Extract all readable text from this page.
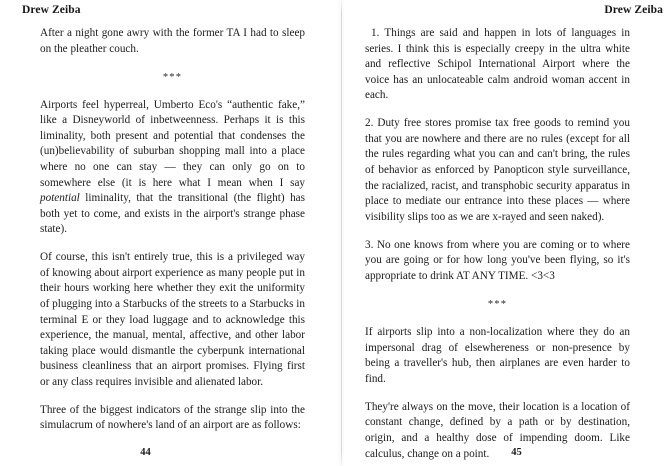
Drew Zeiba

After a night gone awry with the former TA I had to sleep on the pleather couch.

***

Airports feel hyperreal, Umberto Eco's “authentic fake,” like a Disneyworld of inbetweenness. Perhaps it is this liminality, both present and potential that condenses the (un)believability of suburban shopping mall into a place where no one can stay — they can only go on to somewhere else (it is here what I mean when I say potential liminality, that the transitional (the flight) has both yet to come, and exists in the airport's strange phase state).

Of course, this isn't entirely true, this is a privileged way of knowing about airport experience as many people put in their hours working here whether they exit the uniformity of plugging into a Starbucks of the streets to a Starbucks in terminal E or they load luggage and to acknowledge this experience, the manual, mental, affective, and other labor taking place would dismantle the cyberpunk international business cleanliness that an airport promises. Flying first or any class requires invisible and alienated labor.

Three of the biggest indicators of the strange slip into the simulacrum of nowhere's land of an airport are as follows:

44
Drew Zeiba

1. Things are said and happen in lots of languages in series. I think this is especially creepy in the ultra white and reflective Schipol International Airport where the voice has an unlocateable calm android woman accent in each.

2. Duty free stores promise tax free goods to remind you that you are nowhere and there are no rules (except for all the rules regarding what you can and can't bring, the rules of behavior as enforced by Panopticon style surveillance, the racialized, racist, and transphobic security apparatus in place to mediate our entrance into these places — where visibility slips too as we are x-rayed and seen naked).

3. No one knows from where you are coming or to where you are going or for how long you've been flying, so it's appropriate to drink AT ANY TIME. <3<3

***

If airports slip into a non-localization where they do an impersonal drag of elsewhereness or non-presence by being a traveller's hub, then airplanes are even harder to find.

They're always on the move, their location is a location of constant change, defined by a path or by destination, origin, and a healthy dose of impending doom. Like calculus, change on a point.	45
